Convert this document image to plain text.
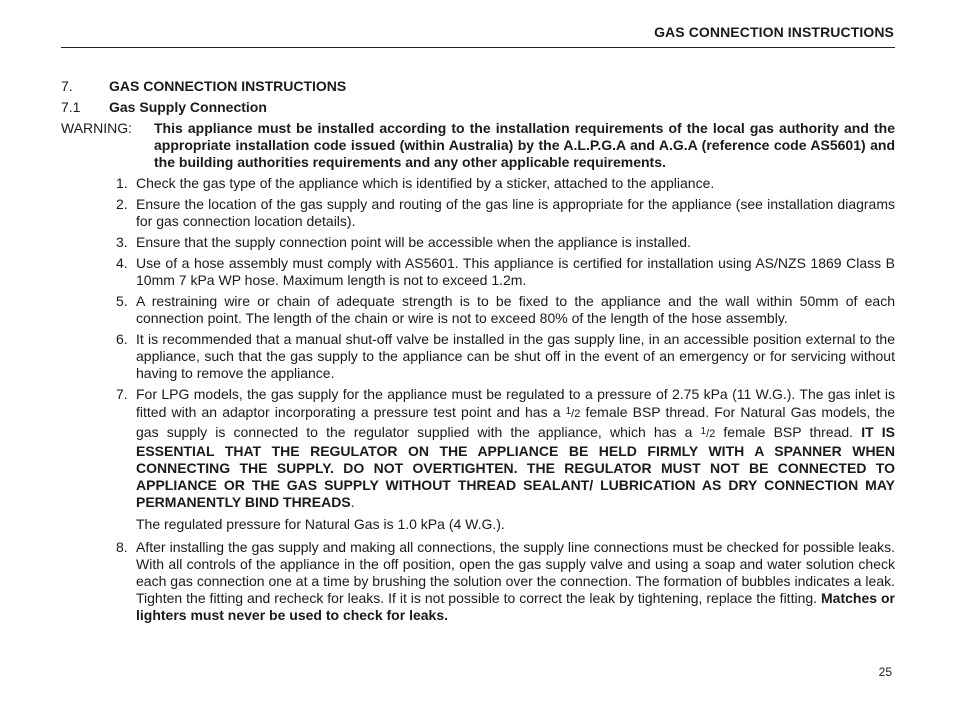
GAS CONNECTION INSTRUCTIONS
7.	GAS CONNECTION INSTRUCTIONS
7.1	Gas Supply Connection
WARNING:	This appliance must be installed according to the installation requirements of the local gas authority and the appropriate installation code issued (within Australia) by the A.L.P.G.A and A.G.A (reference code AS5601) and the building authorities requirements and any other applicable requirements.
1. Check the gas type of the appliance which is identified by a sticker, attached to the appliance.
2. Ensure the location of the gas supply and routing of the gas line is appropriate for the appliance (see installation diagrams for gas connection location details).
3. Ensure that the supply connection point will be accessible when the appliance is installed.
4. Use of a hose assembly must comply with AS5601. This appliance is certified for installation using AS/NZS 1869 Class B 10mm 7 kPa WP hose. Maximum length is not to exceed 1.2m.
5. A restraining wire or chain of adequate strength is to be fixed to the appliance and the wall within 50mm of each connection point. The length of the chain or wire is not to exceed 80% of the length of the hose assembly.
6. It is recommended that a manual shut-off valve be installed in the gas supply line, in an accessible position external to the appliance, such that the gas supply to the appliance can be shut off in the event of an emergency or for servicing without having to remove the appliance.
7. For LPG models, the gas supply for the appliance must be regulated to a pressure of 2.75 kPa (11 W.G.). The gas inlet is fitted with an adaptor incorporating a pressure test point and has a $^1$/2 female BSP thread. For Natural Gas models, the gas supply is connected to the regulator supplied with the appliance, which has a $^1$/2 female BSP thread. IT IS ESSENTIAL THAT THE REGULATOR ON THE APPLIANCE BE HELD FIRMLY WITH A SPANNER WHEN CONNECTING THE SUPPLY. DO NOT OVERTIGHTEN. THE REGULATOR MUST NOT BE CONNECTED TO APPLIANCE OR THE GAS SUPPLY WITHOUT THREAD SEALANT/ LUBRICATION AS DRY CONNECTION MAY PERMANENTLY BIND THREADS.
The regulated pressure for Natural Gas is 1.0 kPa (4 W.G.).
8. After installing the gas supply and making all connections, the supply line connections must be checked for possible leaks. With all controls of the appliance in the off position, open the gas supply valve and using a soap and water solution check each gas connection one at a time by brushing the solution over the connection. The formation of bubbles indicates a leak. Tighten the fitting and recheck for leaks. If it is not possible to correct the leak by tightening, replace the fitting. Matches or lighters must never be used to check for leaks.
25
